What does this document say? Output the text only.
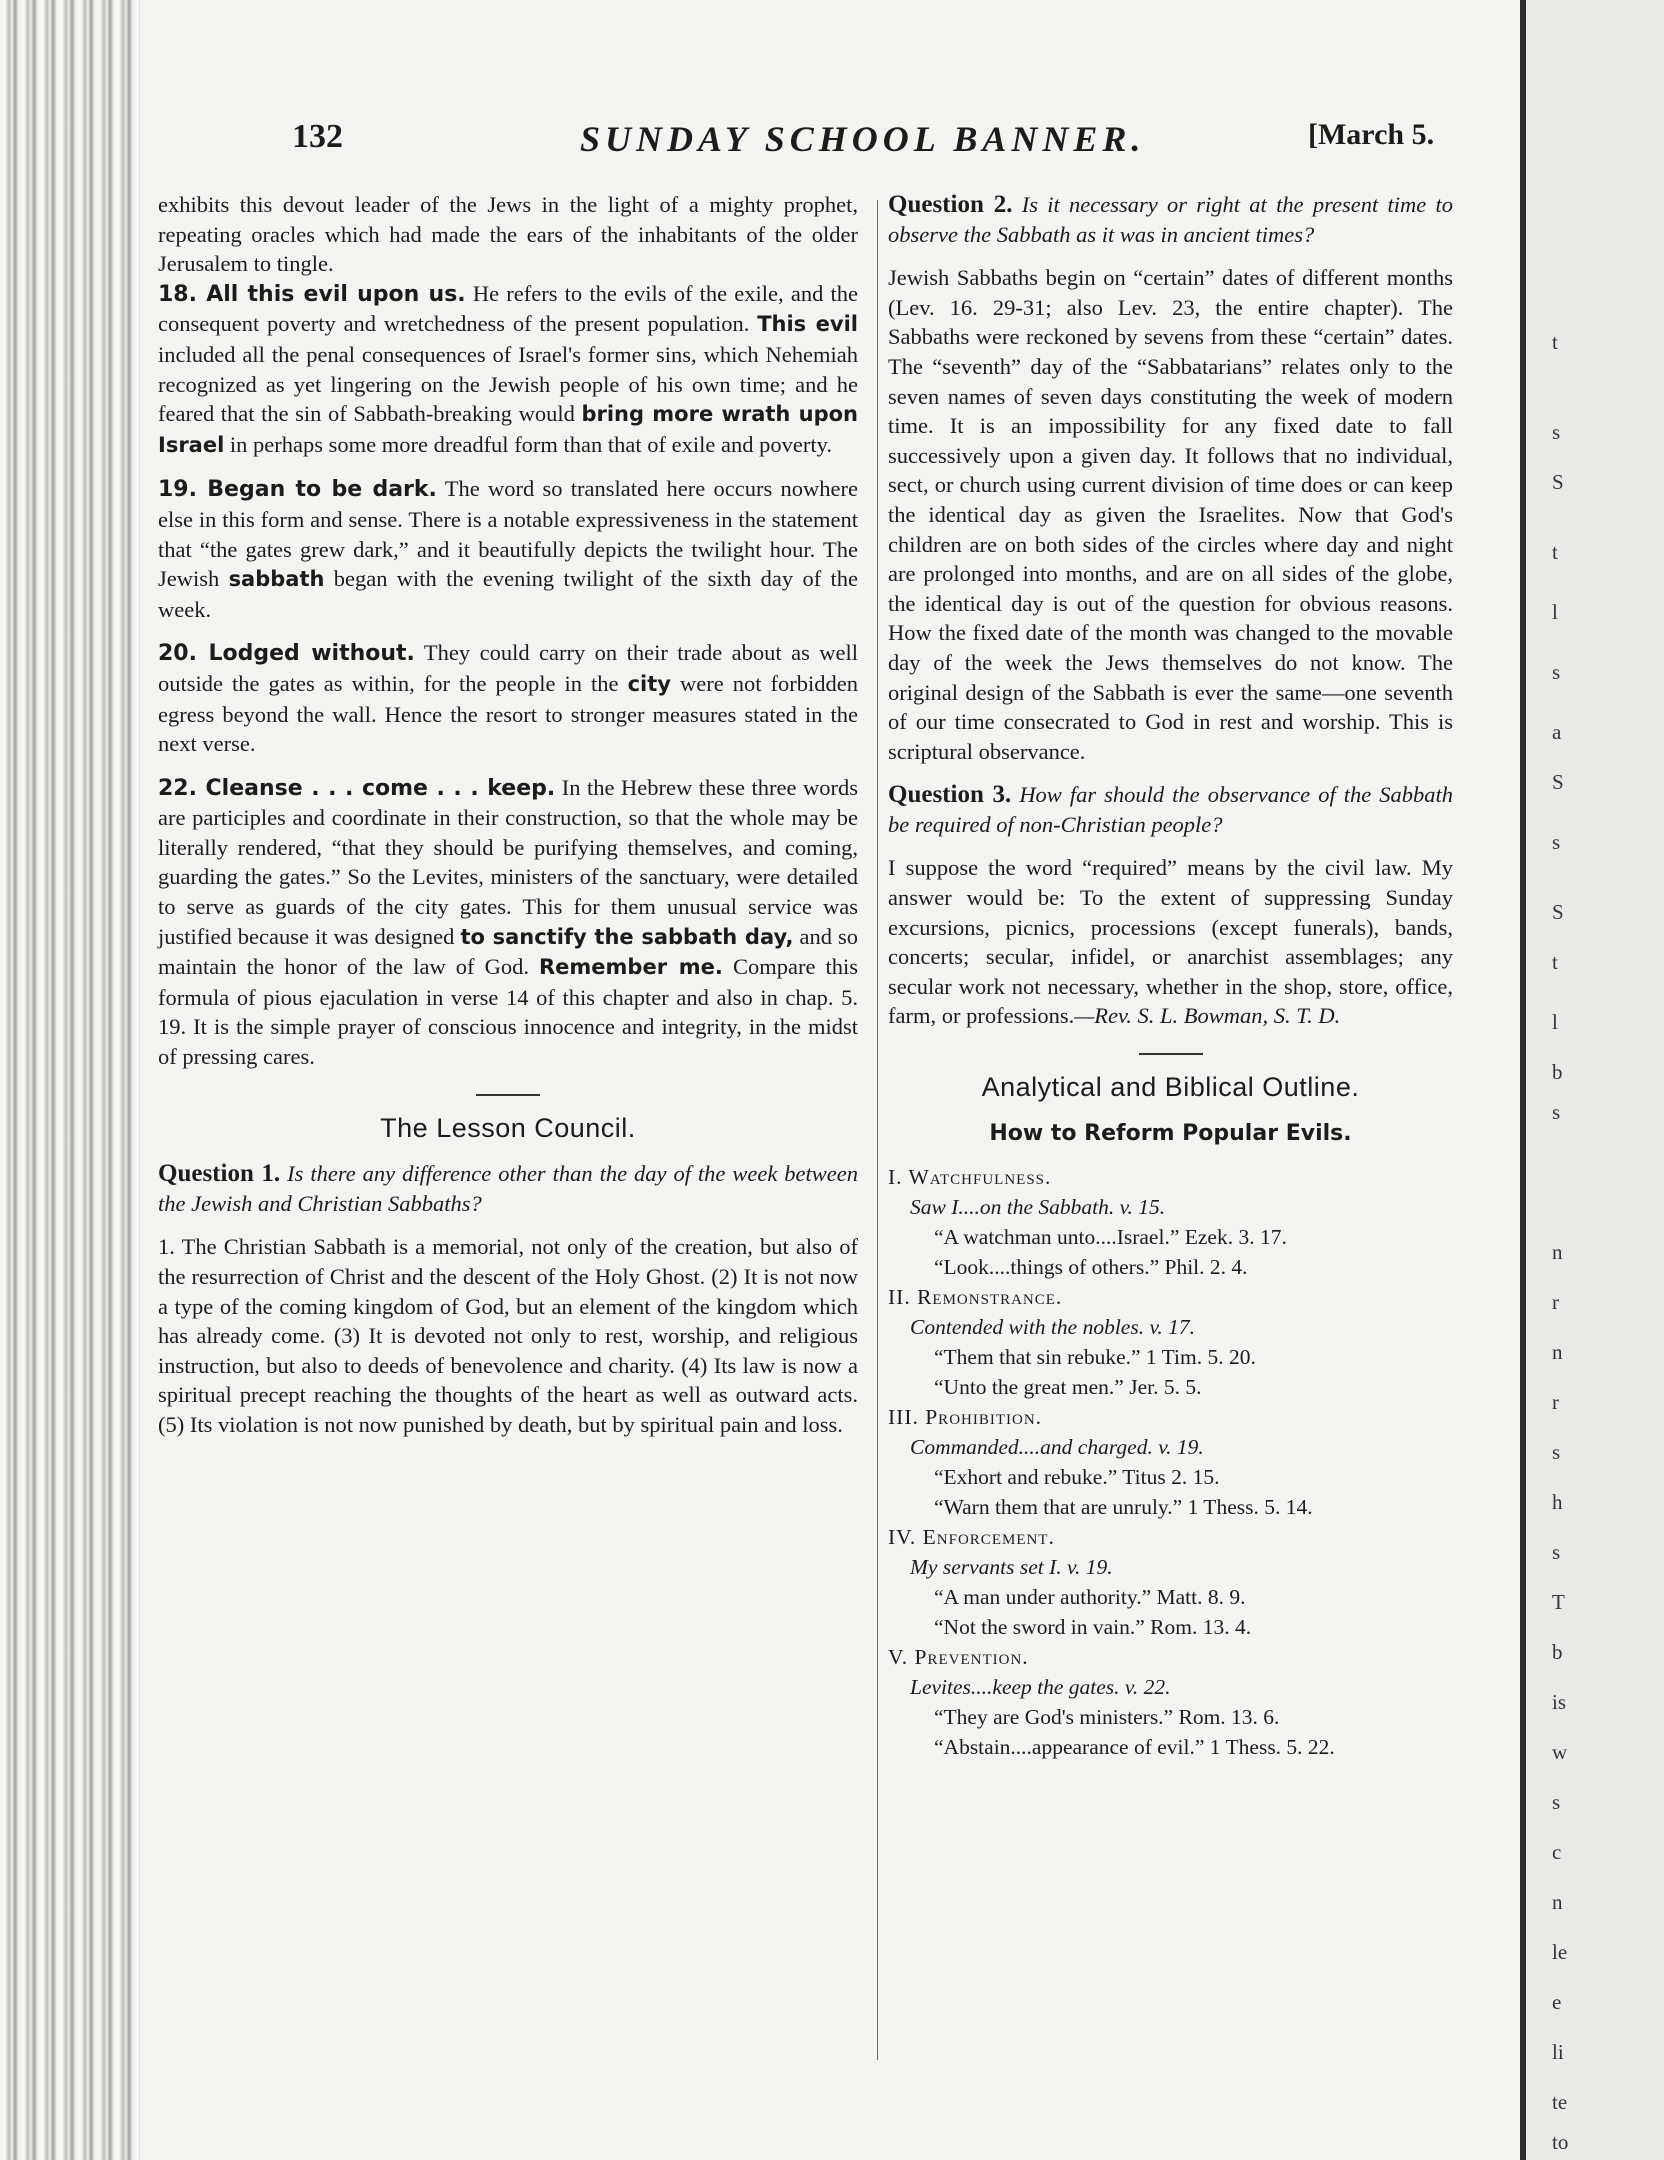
132	SUNDAY SCHOOL BANNER.	[March 5.

exhibits this devout leader of the Jews in the light of a mighty prophet, repeating oracles which had made the ears of the inhabitants of the older Jerusalem to tingle.

18. All this evil upon us. He refers to the evils of the exile, and the consequent poverty and wretchedness of the present population. This evil included all the penal consequences of Israel's former sins, which Nehemiah recognized as yet lingering on the Jewish people of his own time; and he feared that the sin of Sabbath-breaking would bring more wrath upon Israel in perhaps some more dreadful form than that of exile and poverty.

19. Began to be dark. The word so translated here occurs nowhere else in this form and sense. There is a notable expressiveness in the statement that “the gates grew dark,” and it beautifully depicts the twilight hour. The Jewish sabbath began with the evening twilight of the sixth day of the week.

20. Lodged without. They could carry on their trade about as well outside the gates as within, for the people in the city were not forbidden egress beyond the wall. Hence the resort to stronger measures stated in the next verse.

22. Cleanse . . . come . . . keep. In the Hebrew these three words are participles and coordinate in their construction, so that the whole may be literally rendered, “that they should be purifying themselves, and coming, guarding the gates.” So the Levites, ministers of the sanctuary, were detailed to serve as guards of the city gates. This for them unusual service was justified because it was designed to sanctify the sabbath day, and so maintain the honor of the law of God. Remember me. Compare this formula of pious ejaculation in verse 14 of this chapter and also in chap. 5. 19. It is the simple prayer of conscious innocence and integrity, in the midst of pressing cares.

The Lesson Council.

Question 1. Is there any difference other than the day of the week between the Jewish and Christian Sabbaths?

1. The Christian Sabbath is a memorial, not only of the creation, but also of the resurrection of Christ and the descent of the Holy Ghost. (2) It is not now a type of the coming kingdom of God, but an element of the kingdom which has already come. (3) It is devoted not only to rest, worship, and religious instruction, but also to deeds of benevolence and charity. (4) Its law is now a spiritual precept reaching the thoughts of the heart as well as outward acts. (5) Its violation is not now punished by death, but by spiritual pain and loss.

Question 2. Is it necessary or right at the present time to observe the Sabbath as it was in ancient times?

Jewish Sabbaths begin on “certain” dates of different months (Lev. 16. 29-31; also Lev. 23, the entire chapter). The Sabbaths were reckoned by sevens from these “certain” dates. The “seventh” day of the “Sabbatarians” relates only to the seven names of seven days constituting the week of modern time. It is an impossibility for any fixed date to fall successively upon a given day. It follows that no individual, sect, or church using current division of time does or can keep the identical day as given the Israelites. Now that God's children are on both sides of the circles where day and night are prolonged into months, and are on all sides of the globe, the identical day is out of the question for obvious reasons. How the fixed date of the month was changed to the movable day of the week the Jews themselves do not know. The original design of the Sabbath is ever the same—one seventh of our time consecrated to God in rest and worship. This is scriptural observance.

Question 3. How far should the observance of the Sabbath be required of non-Christian people?

I suppose the word “required” means by the civil law. My answer would be: To the extent of suppressing Sunday excursions, picnics, processions (except funerals), bands, concerts; secular, infidel, or anarchist assemblages; any secular work not necessary, whether in the shop, store, office, farm, or professions.—Rev. S. L. Bowman, S. T. D.

Analytical and Biblical Outline.
How to Reform Popular Evils.
I. Watchfulness.
Saw I....on the Sabbath. v. 15.
“A watchman unto....Israel.” Ezek. 3. 17.
“Look....things of others.” Phil. 2. 4.
II. Remonstrance.
Contended with the nobles. v. 17.
“Them that sin rebuke.” 1 Tim. 5. 20.
“Unto the great men.” Jer. 5. 5.
III. Prohibition.
Commanded....and charged. v. 19.
“Exhort and rebuke.” Titus 2. 15.
“Warn them that are unruly.” 1 Thess. 5. 14.
IV. Enforcement.
My servants set I. v. 19.
“A man under authority.” Matt. 8. 9.
“Not the sword in vain.” Rom. 13. 4.
V. Prevention.
Levites....keep the gates. v. 22.
“They are God's ministers.” Rom. 13. 6.
“Abstain....appearance of evil.” 1 Thess. 5. 22.
t
s
S
t
l
s
a
S
s
S
t
l
b
s
n
r
n
r
s
h
s
T
b
is
w
s
c
n
le
e
li
te
to
